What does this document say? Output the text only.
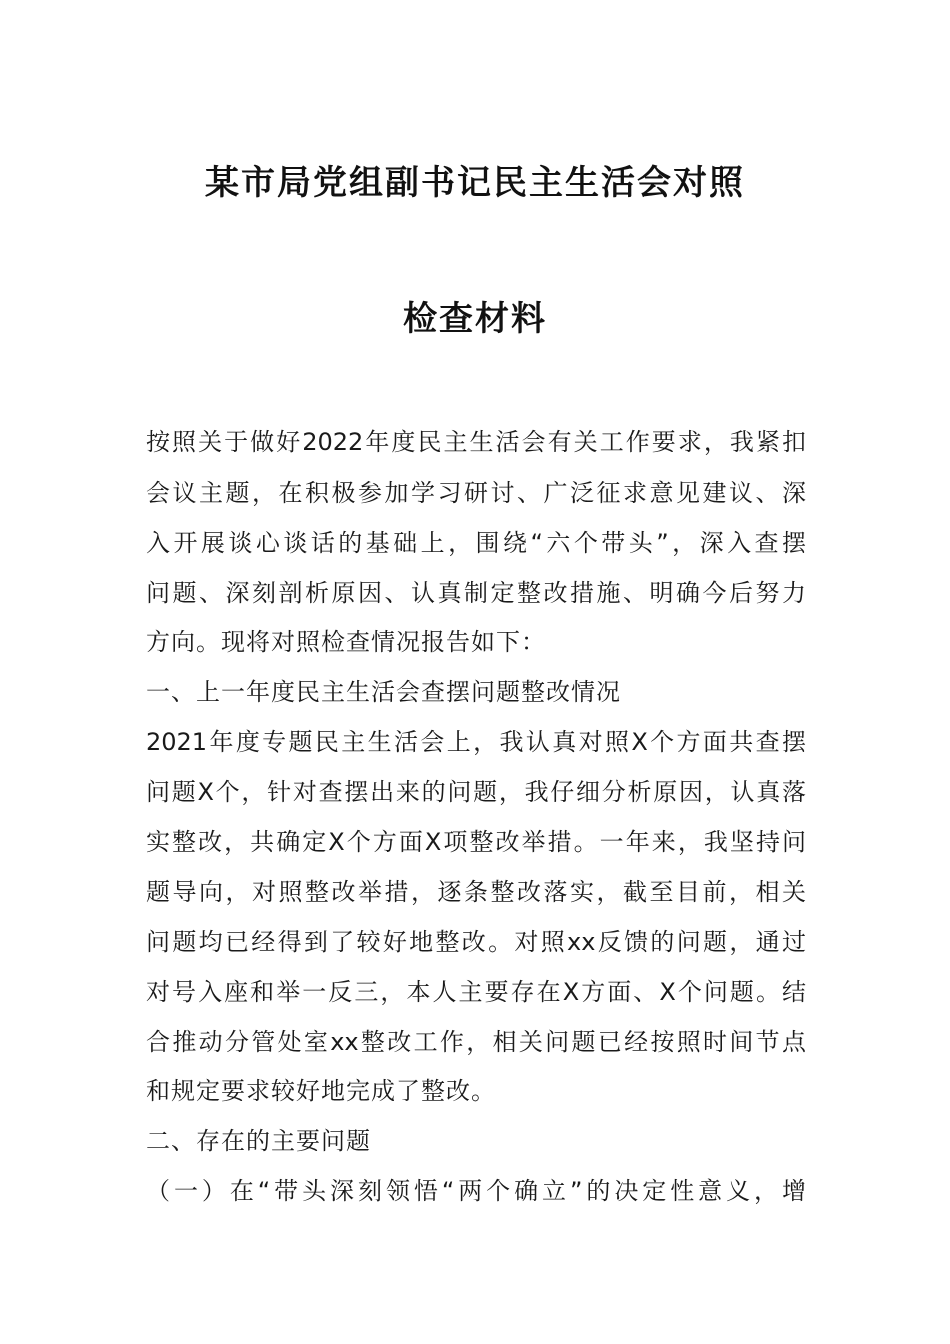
某市局党组副书记民主生活会对照
检查材料
按照关于做好2022年度民主生活会有关工作要求，我紧扣
会议主题，在积极参加学习研讨、广泛征求意见建议、深
入开展谈心谈话的基础上，围绕“六个带头”，深入查摆
问题、深刻剖析原因、认真制定整改措施、明确今后努力
方向。现将对照检查情况报告如下：
一、上一年度民主生活会查摆问题整改情况
2021年度专题民主生活会上，我认真对照X个方面共查摆
问题X个，针对查摆出来的问题，我仔细分析原因，认真落
实整改，共确定X个方面X项整改举措。一年来，我坚持问
题导向，对照整改举措，逐条整改落实，截至目前，相关
问题均已经得到了较好地整改。对照xx反馈的问题，通过
对号入座和举一反三，本人主要存在X方面、X个问题。结
合推动分管处室xx整改工作，相关问题已经按照时间节点
和规定要求较好地完成了整改。
二、存在的主要问题
（一）在“带头深刻领悟“两个确立”的决定性意义，增
